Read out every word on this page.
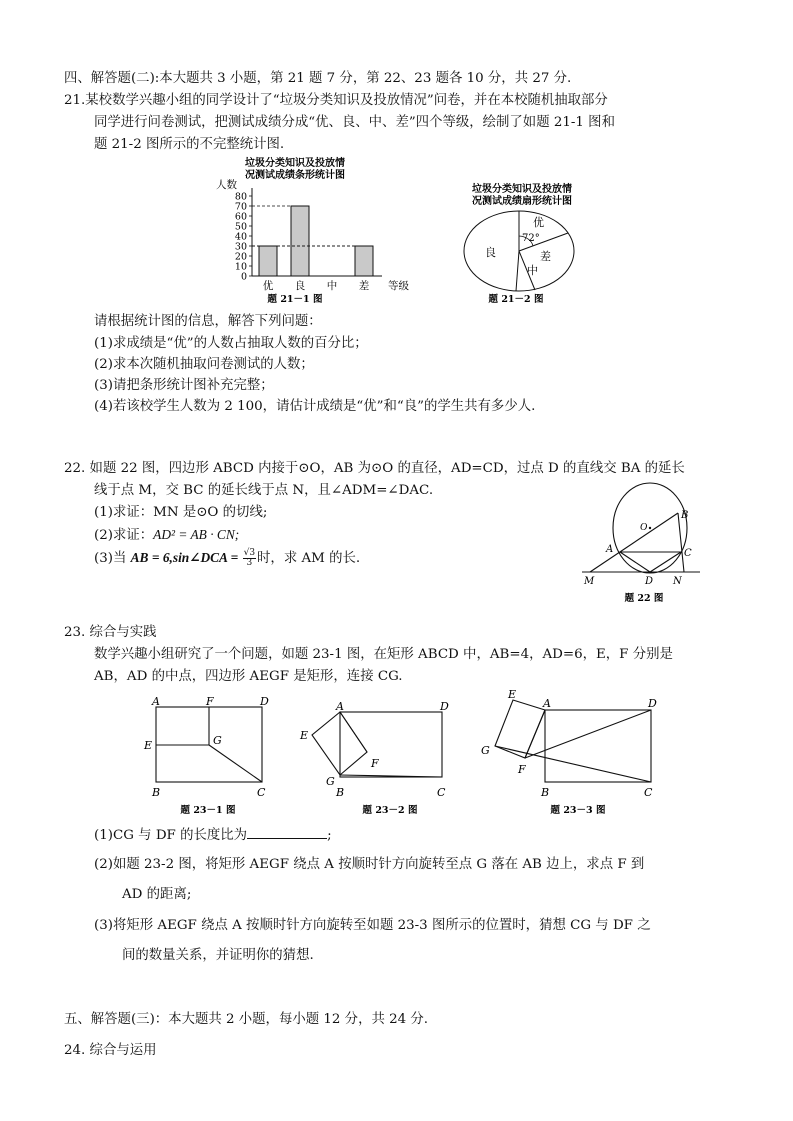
四、解答题(二):本大题共 3 小题，第 21 题 7 分，第 22、23 题各 10 分，共 27 分.
21.某校数学兴趣小组的同学设计了“垃圾分类知识及投放情况”问卷，并在本校随机抽取部分
同学进行问卷测试，把测试成绩分成“优、良、中、差”四个等级，绘制了如题 21-1 图和
题 21-2 图所示的不完整统计图.
垃圾分类知识及投放情
况测试成绩条形统计图
人数
等级
题 21－1 图
0
10
20
30
40
50
60
70
80
优 良 中 差
垃圾分类知识及投放情
况测试成绩扇形统计图
优
72°
良	差
中
题 21－2 图
请根据统计图的信息，解答下列问题：
(1)求成绩是“优”的人数占抽取人数的百分比；
(2)求本次随机抽取问卷测试的人数；
(3)请把条形统计图补充完整；
(4)若该校学生人数为 2 100，请估计成绩是“优”和“良”的学生共有多少人.
22. 如题 22 图，四边形 ABCD 内接于⊙O，AB 为⊙O 的直径，AD=CD，过点 D 的直线交 BA 的延长
线于点 M，交 BC 的延长线于点 N，且∠ADM=∠DAC.
(1)求证：MN 是⊙O 的切线;
(2)求证：AD² = AB · CN;
(3)当 AB = 6,sin∠DCA = $\frac{√3}{3}$ 时，求 AM 的长.
O
B
A	C
D
M	N
题 22 图
23. 综合与实践
数学兴趣小组研究了一个问题，如题 23-1 图，在矩形 ABCD 中，AB=4，AD=6，E，F 分别是
AB，AD 的中点，四边形 AEGF 是矩形，连接 CG.
A	F	D
E	G
B	C
题 23－1 图
A	D
E
F
G
B	C
题 23－2 图
A	D
E
G
F
B	C
题 23－3 图
(1)CG 与 DF 的长度比为	;
(2)如题 23-2 图，将矩形 AEGF 绕点 A 按顺时针方向旋转至点 G 落在 AB 边上，求点 F 到
AD 的距离;
(3)将矩形 AEGF 绕点 A 按顺时针方向旋转至如题 23-3 图所示的位置时，猜想 CG 与 DF 之
间的数量关系，并证明你的猜想.
五、解答题(三)：本大题共 2 小题，每小题 12 分，共 24 分.
24. 综合与运用
